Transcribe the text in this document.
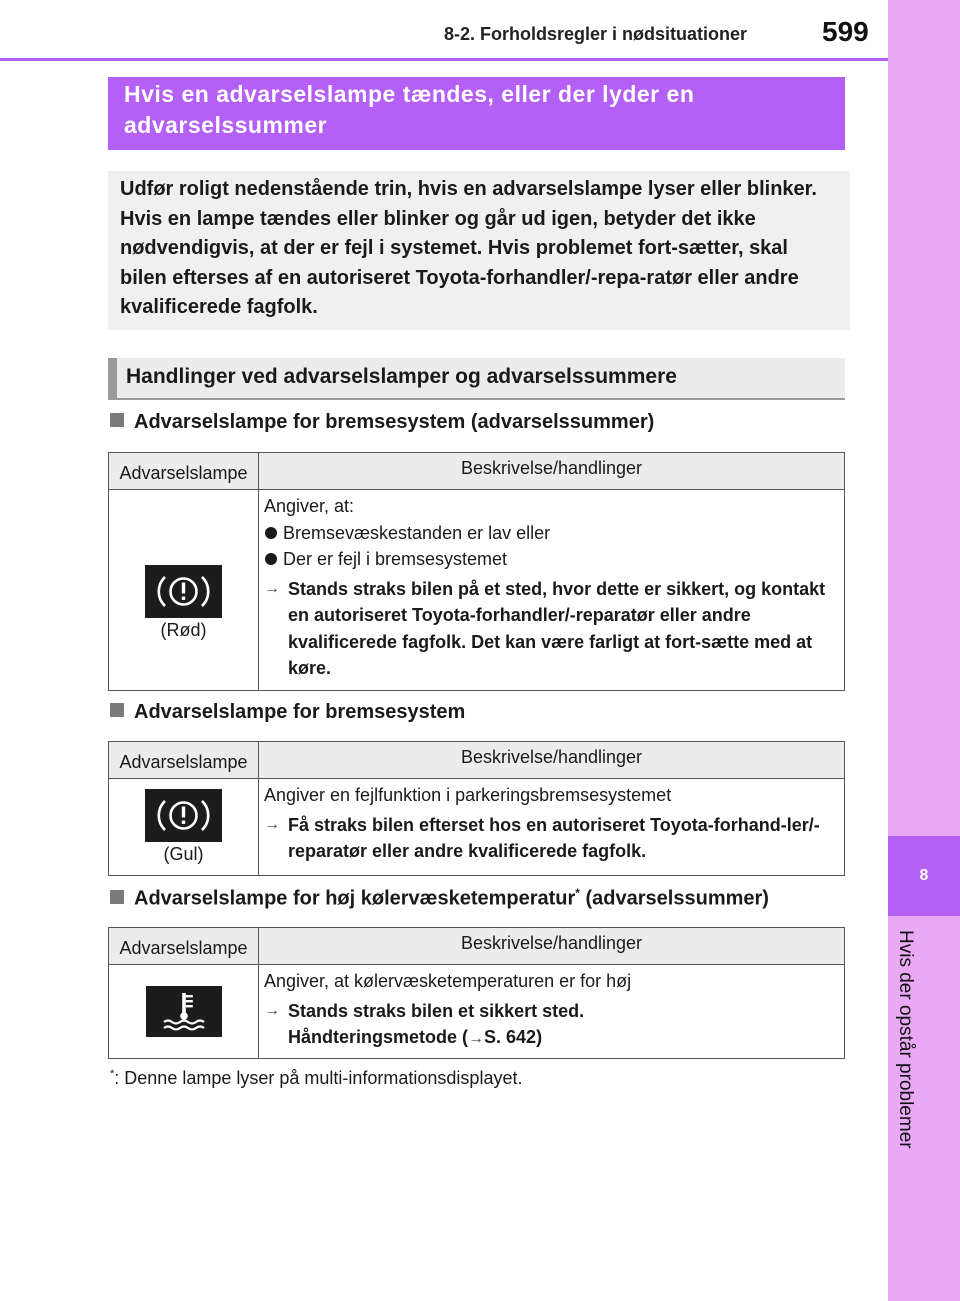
8
Hvis der opstår problemer
8-2. Forholdsregler i nødsituationer	599
Hvis en advarselslampe tændes, eller der lyder en advarselssummer
Udfør roligt nedenstående trin, hvis en advarselslampe lyser eller blinker. Hvis en lampe tændes eller blinker og går ud igen, betyder det ikke nødvendigvis, at der er fejl i systemet. Hvis problemet fort-sætter, skal bilen efterses af en autoriseret Toyota-forhandler/-repa-ratør eller andre kvalificerede fagfolk.
Handlinger ved advarselslamper og advarselssummere
Advarselslampe for bremsesystem (advarselssummer)
Advarselslampe	Beskrivelse/handlinger

(Rød)	Angiver, at:
Bremsevæskestanden er lav eller
Der er fejl i bremsesystemet
→ Stands straks bilen på et sted, hvor dette er sikkert, og kontakt en autoriseret Toyota-forhandler/-reparatør eller andre kvalificerede fagfolk. Det kan være farligt at fort-sætte med at køre.
Advarselslampe for bremsesystem
Advarselslampe	Beskrivelse/handlinger

(Gul)	Angiver en fejlfunktion i parkeringsbremsesystemet
→ Få straks bilen efterset hos en autoriseret Toyota-forhand-ler/-reparatør eller andre kvalificerede fagfolk.
Advarselslampe for høj kølervæsketemperatur* (advarselssummer)
Advarselslampe	Beskrivelse/handlinger

Angiver, at kølervæsketemperaturen er for høj
→ Stands straks bilen et sikkert sted.
Håndteringsmetode (→S. 642)
*: Denne lampe lyser på multi-informationsdisplayet.
